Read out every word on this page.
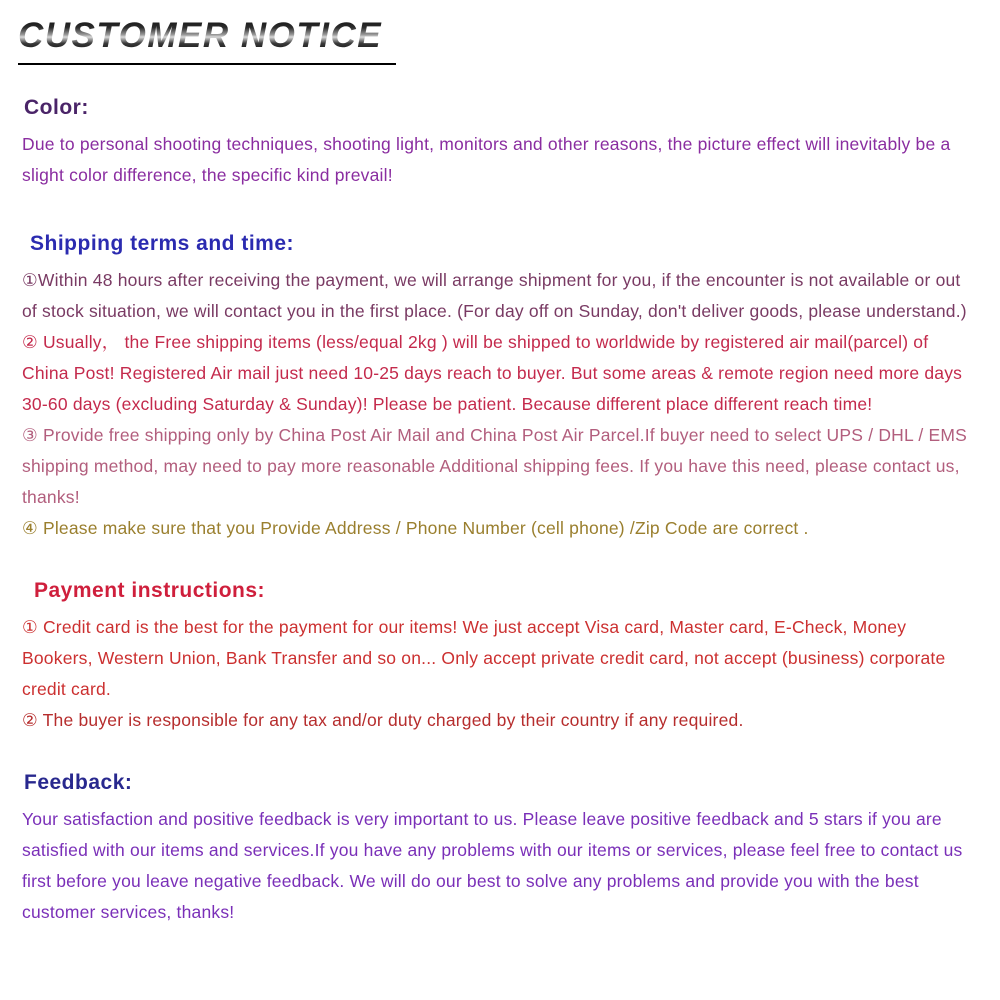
CUSTOMER NOTICE
Color:

Due to personal shooting techniques, shooting light, monitors and other reasons, the picture effect will inevitably be a slight color difference, the specific kind prevail!

Shipping terms and time:

①Within 48 hours after receiving the payment, we will arrange shipment for you, if the encounter is not available or out of stock situation, we will contact you in the first place. (For day off on Sunday, don't deliver goods, please understand.)

② Usually， the Free shipping items (less/equal 2kg ) will be shipped to worldwide by registered air mail(parcel) of China Post! Registered Air mail just need 10-25 days reach to buyer. But some areas & remote region need more days 30-60 days (excluding Saturday & Sunday)! Please be patient. Because different place different reach time!

③ Provide free shipping only by China Post Air Mail and China Post Air Parcel.If buyer need to select UPS / DHL / EMS shipping method, may need to pay more reasonable Additional shipping fees. If you have this need, please contact us, thanks!

④ Please make sure that you Provide Address / Phone Number (cell phone) /Zip Code are correct .

Payment instructions:

① Credit card is the best for the payment for our items! We just accept Visa card, Master card, E-Check, Money Bookers, Western Union, Bank Transfer and so on... Only accept private credit card, not accept (business) corporate credit card.

② The buyer is responsible for any tax and/or duty charged by their country if any required.

Feedback:

Your satisfaction and positive feedback is very important to us. Please leave positive feedback and 5 stars if you are satisfied with our items and services.If you have any problems with our items or services, please feel free to contact us first before you leave negative feedback. We will do our best to solve any problems and provide you with the best customer services, thanks!
